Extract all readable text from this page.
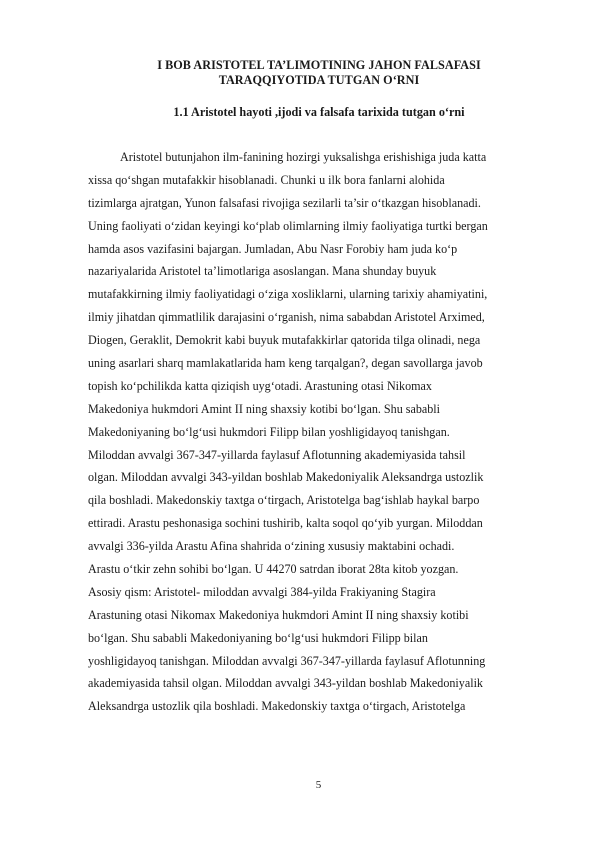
I BOB ARISTOTEL TA’LIMOTINING JAHON FALSAFASI
TARAQQIYOTIDA TUTGAN O‘RNI
1.1 Aristotel hayoti ,ijodi va falsafa tarixida tutgan o‘rni
Aristotel butunjahon ilm-fanining hozirgi yuksalishga erishishiga juda katta
xissa qo‘shgan mutafakkir hisoblanadi. Chunki u ilk bora fanlarni alohida
tizimlarga ajratgan, Yunon falsafasi rivojiga sezilarli ta’sir o‘tkazgan hisoblanadi.
Uning faoliyati o‘zidan keyingi ko‘plab olimlarning ilmiy faoliyatiga turtki bergan
hamda asos vazifasini bajargan. Jumladan, Abu Nasr Forobiy ham juda ko‘p
nazariyalarida Aristotel ta’limotlariga asoslangan. Mana shunday buyuk
mutafakkirning ilmiy faoliyatidagi o‘ziga xosliklarni, ularning tarixiy ahamiyatini,
ilmiy jihatdan qimmatlilik darajasini o‘rganish, nima sababdan Aristotel Arximed,
Diogen, Geraklit, Demokrit kabi buyuk mutafakkirlar qatorida tilga olinadi, nega
uning asarlari sharq mamlakatlarida ham keng tarqalgan?, degan savollarga javob
topish ko‘pchilikda katta qiziqish uyg‘otadi. Arastuning otasi Nikomax
Makedoniya hukmdori Amint II ning shaxsiy kotibi bo‘lgan. Shu sababli
Makedoniyaning bo‘lg‘usi hukmdori Filipp bilan yoshligidayoq tanishgan.
Miloddan avvalgi 367-347-yillarda faylasuf Aflotunning akademiyasida tahsil
olgan. Miloddan avvalgi 343-yildan boshlab Makedoniyalik Aleksandrga ustozlik
qila boshladi. Makedonskiy taxtga o‘tirgach, Aristotelga bag‘ishlab haykal barpo
ettiradi. Arastu peshonasiga sochini tushirib, kalta soqol qo‘yib yurgan. Miloddan
avvalgi 336-yilda Arastu Afina shahrida o‘zining xususiy maktabini ochadi.
Arastu o‘tkir zehn sohibi bo‘lgan. U 44270 satrdan iborat 28ta kitob yozgan.
Asosiy qism: Aristotel- miloddan avvalgi 384-yilda Frakiyaning Stagira
Arastuning otasi Nikomax Makedoniya hukmdori Amint II ning shaxsiy kotibi
bo‘lgan. Shu sababli Makedoniyaning bo‘lg‘usi hukmdori Filipp bilan
yoshligidayoq tanishgan. Miloddan avvalgi 367-347-yillarda faylasuf Aflotunning
akademiyasida tahsil olgan. Miloddan avvalgi 343-yildan boshlab Makedoniyalik
Aleksandrga ustozlik qila boshladi. Makedonskiy taxtga o‘tirgach, Aristotelga
5
